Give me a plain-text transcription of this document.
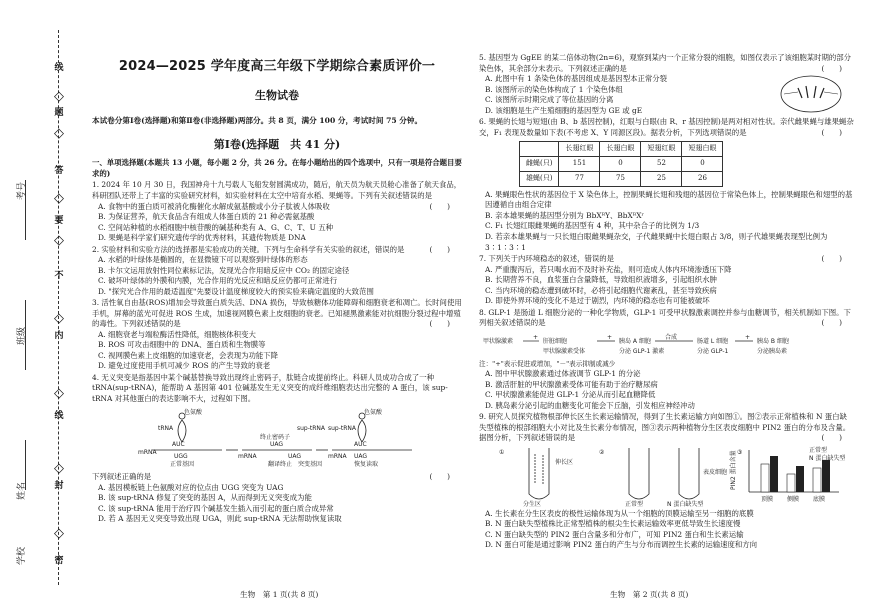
线
◇
题
◇
答
◇
要
◇
不
◇
内
◇
线
◇
封
◇
密
考号
班级
姓名
学校
2024—2025 学年度高三年级下学期综合素质评价一
生物试卷
本试卷分第Ⅰ卷(选择题)和第Ⅱ卷(非选择题)两部分。共 8 页，满分 100 分，考试时间 75 分钟。
第Ⅰ卷(选择题　共 41 分)
一、单项选择题(本题共 13 小题，每小题 2 分，共 26 分。在每小题给出的四个选项中，只有一项是符合题目要求的)
1. 2024 年 10 月 30 日，我国神舟十九号载人飞船发射圆满成功，随后，航天员为航天员舱心准备了航天食品，科研团队还带上了丰富的实验研究材料，如实验材料在太空中培育水稻、果蝇等。下列有关叙述错误的是
(　　)
A. 食物中的蛋白质可被消化酶催化水解成氨基酸或小分子肽被人体吸收
B. 为保证营养，航天食品含有组成人体蛋白质的 21 种必需氨基酸
C. 空间站种植的水稻细胞中核苷酸的碱基种类有 A、G、C、T、U 五种
D. 果蝇是科学家们研究遗传学的优秀材料，其遗传物质是 DNA
2. 实验材料和实验方法的选择都是实验成功的关键。下列与生命科学有关实验的叙述，错误的是	(　　)
A. 水稻的叶绿体是椭圆的，在显微镜下可以观察到叶绿体的形态
B. 卡尔文运用放射性同位素标记法，发现光合作用暗反应中 CO₂ 的固定途径
C. 破坏叶绿体的外膜和内膜，光合作用的光反应和暗反应仍都可正常进行
D. "探究光合作用的最适温度"先要设计温度梯度较大的预实验来确定温度的大致范围
3. 活性氧自由基(ROS)增加会导致蛋白质失活、DNA 损伤，导致核糖体功能障碍和细胞衰老和凋亡。长时间使用手机，屏幕的蓝光可促进 ROS 生成，加速视网膜色素上皮细胞的衰老。已知褪黑激素能对抗细胞分裂过程中增殖的毒性。下列叙述错误的是	(　　)
A. 细胞衰老与端粒酶活性降低，细胞核体积变大
B. ROS 可攻击细胞中的 DNA、蛋白质和生物膜等
C. 视网膜色素上皮细胞的加速衰老，会表现为功能下降
D. 避免过度使用手机可减少 ROS 的产生导致的衰老
4. 无义突变是指基因中某个碱基替换导致出现终止密码子，肽链合成提前终止。科研人员成功合成了一种 tRNA(sup-tRNA)，能帮助 A 基因第 401 位碱基发生无义突变的成纤维细胞表达出完整的 A 蛋白，该 sup-tRNA 对其他蛋白的表达影响不大，过程如下图。
色氨酸
tRNA
AUC
mRNA
UGG
正常基因
UAG
终止密码子
mRNA	UAG
sup-tRNA
翻译终止 突变基因
色氨酸
sup-tRNA
AUC
UAG
mRNA
恢复读取
下列叙述正确的是	(　　)
A. 基因模板链上色氨酸对应的位点由 UGG 突变为 UAG
B. 该 sup-tRNA 修复了突变的基因 A，从而得到无义突变成为能
C. 该 sup-tRNA 能用于治疗四个碱基发生插入而引起的蛋白质合成异常
D. 若 A 基因无义突变导致出现 UGA，则此 sup-tRNA 无法帮助恢复读取
生物　第 1 页(共 8 页)
5. 基因型为 GgEE 的某二倍体动物(2n=6)，观察到某内一个正常分裂的细胞，如图仅表示了该细胞某时期的部分染色体，其余部分未表示。下列叙述正确的是	(　　)
A. 此图中有 1 条染色体的基因组成是基因型本正常分裂
B. 该图所示的染色体构成了 1 个染色体组
C. 该图所示时期完成了等位基因的分离
D. 该细胞是生产生殖细胞的基因型为 GE 或 gE
6. 果蝇的长翅与短翅(由 B、b 基因控制)，红眼与白眼(由 R、r 基因控制)是两对相对性状。亲代雌果蝇与雄果蝇杂交，F₁ 表现及数量如下表(不考虑 X、Y 同源区段)。据表分析，下列选项错误的是	(　　)
	长翅红眼	长翅白眼	短翅红眼	短翅白眼
雌蝇(只)	151	0	52	0
雄蝇(只)	77	75	25	26
A. 果蝇眼色性状的基因位于 X 染色体上，控制果蝇长翅和残翅的基因位于常染色体上，控制果蝇眼色和翅型的基因遵循自由组合定律
B. 亲本雄果蝇的基因型分别为 BbXᴿY、BbXᴿXʳ
C. F₁ 长翅红眼雌果蝇的基因型有 4 种，其中杂合子的比例为 1/3
D. 若亲本雄果蝇与一只长翅白眼雌果蝇杂交，子代雌果蝇中长翅白眼占 3/8，则子代雄果蝇表现型比例为 3∶1∶3∶1
7. 下列关于内环境稳态的叙述，错误的是	(　　)
A. 严重腹泻后，若只喝水而不及时补充盐，则可造成人体内环境渗透压下降
B. 长期营养不良，血浆蛋白含量降低，导致组织液增多，引起组织水肿
C. 当内环境的稳态遭到破坏时，必将引起细胞代谢紊乱，甚至导致疾病
D. 即使外界环境的变化不是过于剧烈，内环境的稳态也有可能被破坏
8. GLP-1 是肠道 L 细胞分泌的一种化学物质，GLP-1 可受甲状腺激素调控并参与血糖调节，相关机制如下图。下列相关叙述错误的是	(　　)
甲状腺激素
+
肝脏细胞
甲状腺激素受体
+
胰岛 A 细胞
合成
分泌 GLP-1 激素
肠道 L 细胞
分泌 GLP-1
+
胰岛 B 细胞
分泌胰岛素
注："+"表示促进或增加，"－"表示抑制或减少
A. 图中甲状腺激素通过体液调节 GLP-1 的分泌
B. 激活肝脏的甲状腺激素受体可能有助于治疗糖尿病
C. 甲状腺激素能促进 GLP-1 分泌从而引起血糖降低
D. 胰岛素分泌引起的血糖变化可能会下丘脑，引发相应神经冲动
9. 研究人员探究植物根部伸长区生长素运输情况，得到了生长素运输方向如图①。图②表示正常植株和 N 蛋白缺失型植株的根部细胞大小对比及生长素分布情况，图③表示两种植物分生区表皮细胞中 PIN2 蛋白的分布及含量。据图分析，下列叙述错误的是	(　　)
①	②	③
分生区
伸长区
正常型	N 蛋白缺失型
表皮细胞 PIN2 蛋白含量	正常型
N 蛋白缺失型
顶膜 侧膜 底膜
A. 生长素在分生区表皮的极性运输体现为从一个细胞的顶膜运输至另一细胞的底膜
B. N 蛋白缺失型植株比正常型植株的根尖生长素运输效率更低导致生长速度慢
C. N 蛋白缺失型的 PIN2 蛋白含量多和分布广，可知 PIN2 蛋白和生长素运输
D. N 蛋白可能是通过影响 PIN2 蛋白的产生与分布而调控生长素的运输速度和方向
生物　第 2 页(共 8 页)
